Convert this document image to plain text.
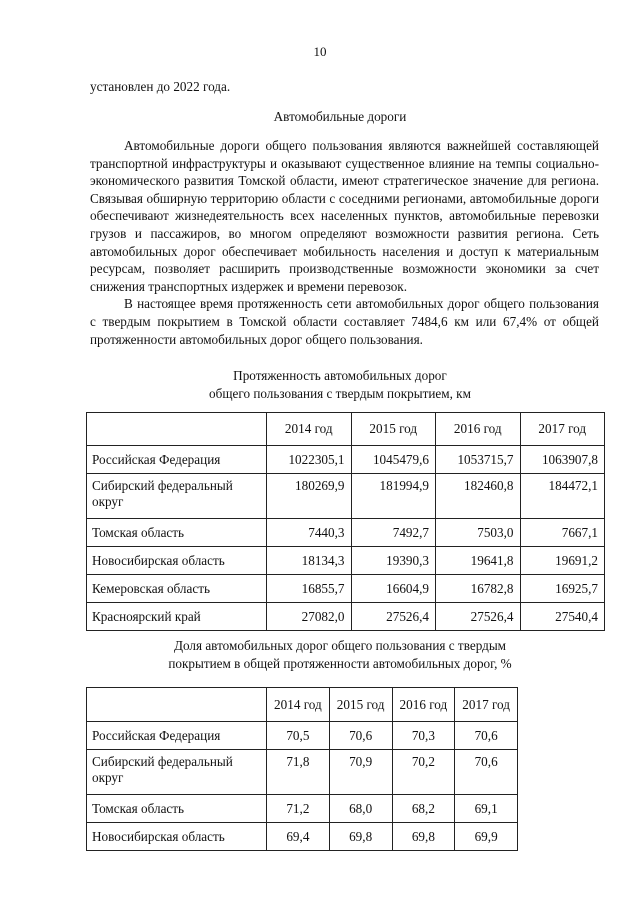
10
установлен до 2022 года.
Автомобильные дороги

Автомобильные дороги общего пользования являются важнейшей составляющей транспортной инфраструктуры и оказывают существенное влияние на темпы социально-экономического развития Томской области, имеют стратегическое значение для региона. Связывая обширную территорию области с соседними регионами, автомобильные дороги обеспечивают жизнедеятельность всех населенных пунктов, автомобильные перевозки грузов и пассажиров, во многом определяют возможности развития региона. Сеть автомобильных дорог обеспечивает мобильность населения и доступ к материальным ресурсам, позволяет расширить производственные возможности экономики за счет снижения транспортных издержек и времени перевозок.

В настоящее время протяженность сети автомобильных дорог общего пользования с твердым покрытием в Томской области составляет 7484,6 км или 67,4% от общей протяженности автомобильных дорог общего пользования.

Протяженность автомобильных дорог
общего пользования с твердым покрытием, км
	2014 год	2015 год	2016 год	2017 год
Российская Федерация	1022305,1	1045479,6	1053715,7	1063907,8
Сибирский федеральный округ	180269,9	181994,9	182460,8	184472,1
Томская область	7440,3	7492,7	7503,0	7667,1
Новосибирская область	18134,3	19390,3	19641,8	19691,2
Кемеровская область	16855,7	16604,9	16782,8	16925,7
Красноярский край	27082,0	27526,4	27526,4	27540,4
Доля автомобильных дорог общего пользования с твердым
покрытием в общей протяженности автомобильных дорог, %
	2014 год	2015 год	2016 год	2017 год
Российская Федерация	70,5	70,6	70,3	70,6
Сибирский федеральный округ	71,8	70,9	70,2	70,6
Томская область	71,2	68,0	68,2	69,1
Новосибирская область	69,4	69,8	69,8	69,9
